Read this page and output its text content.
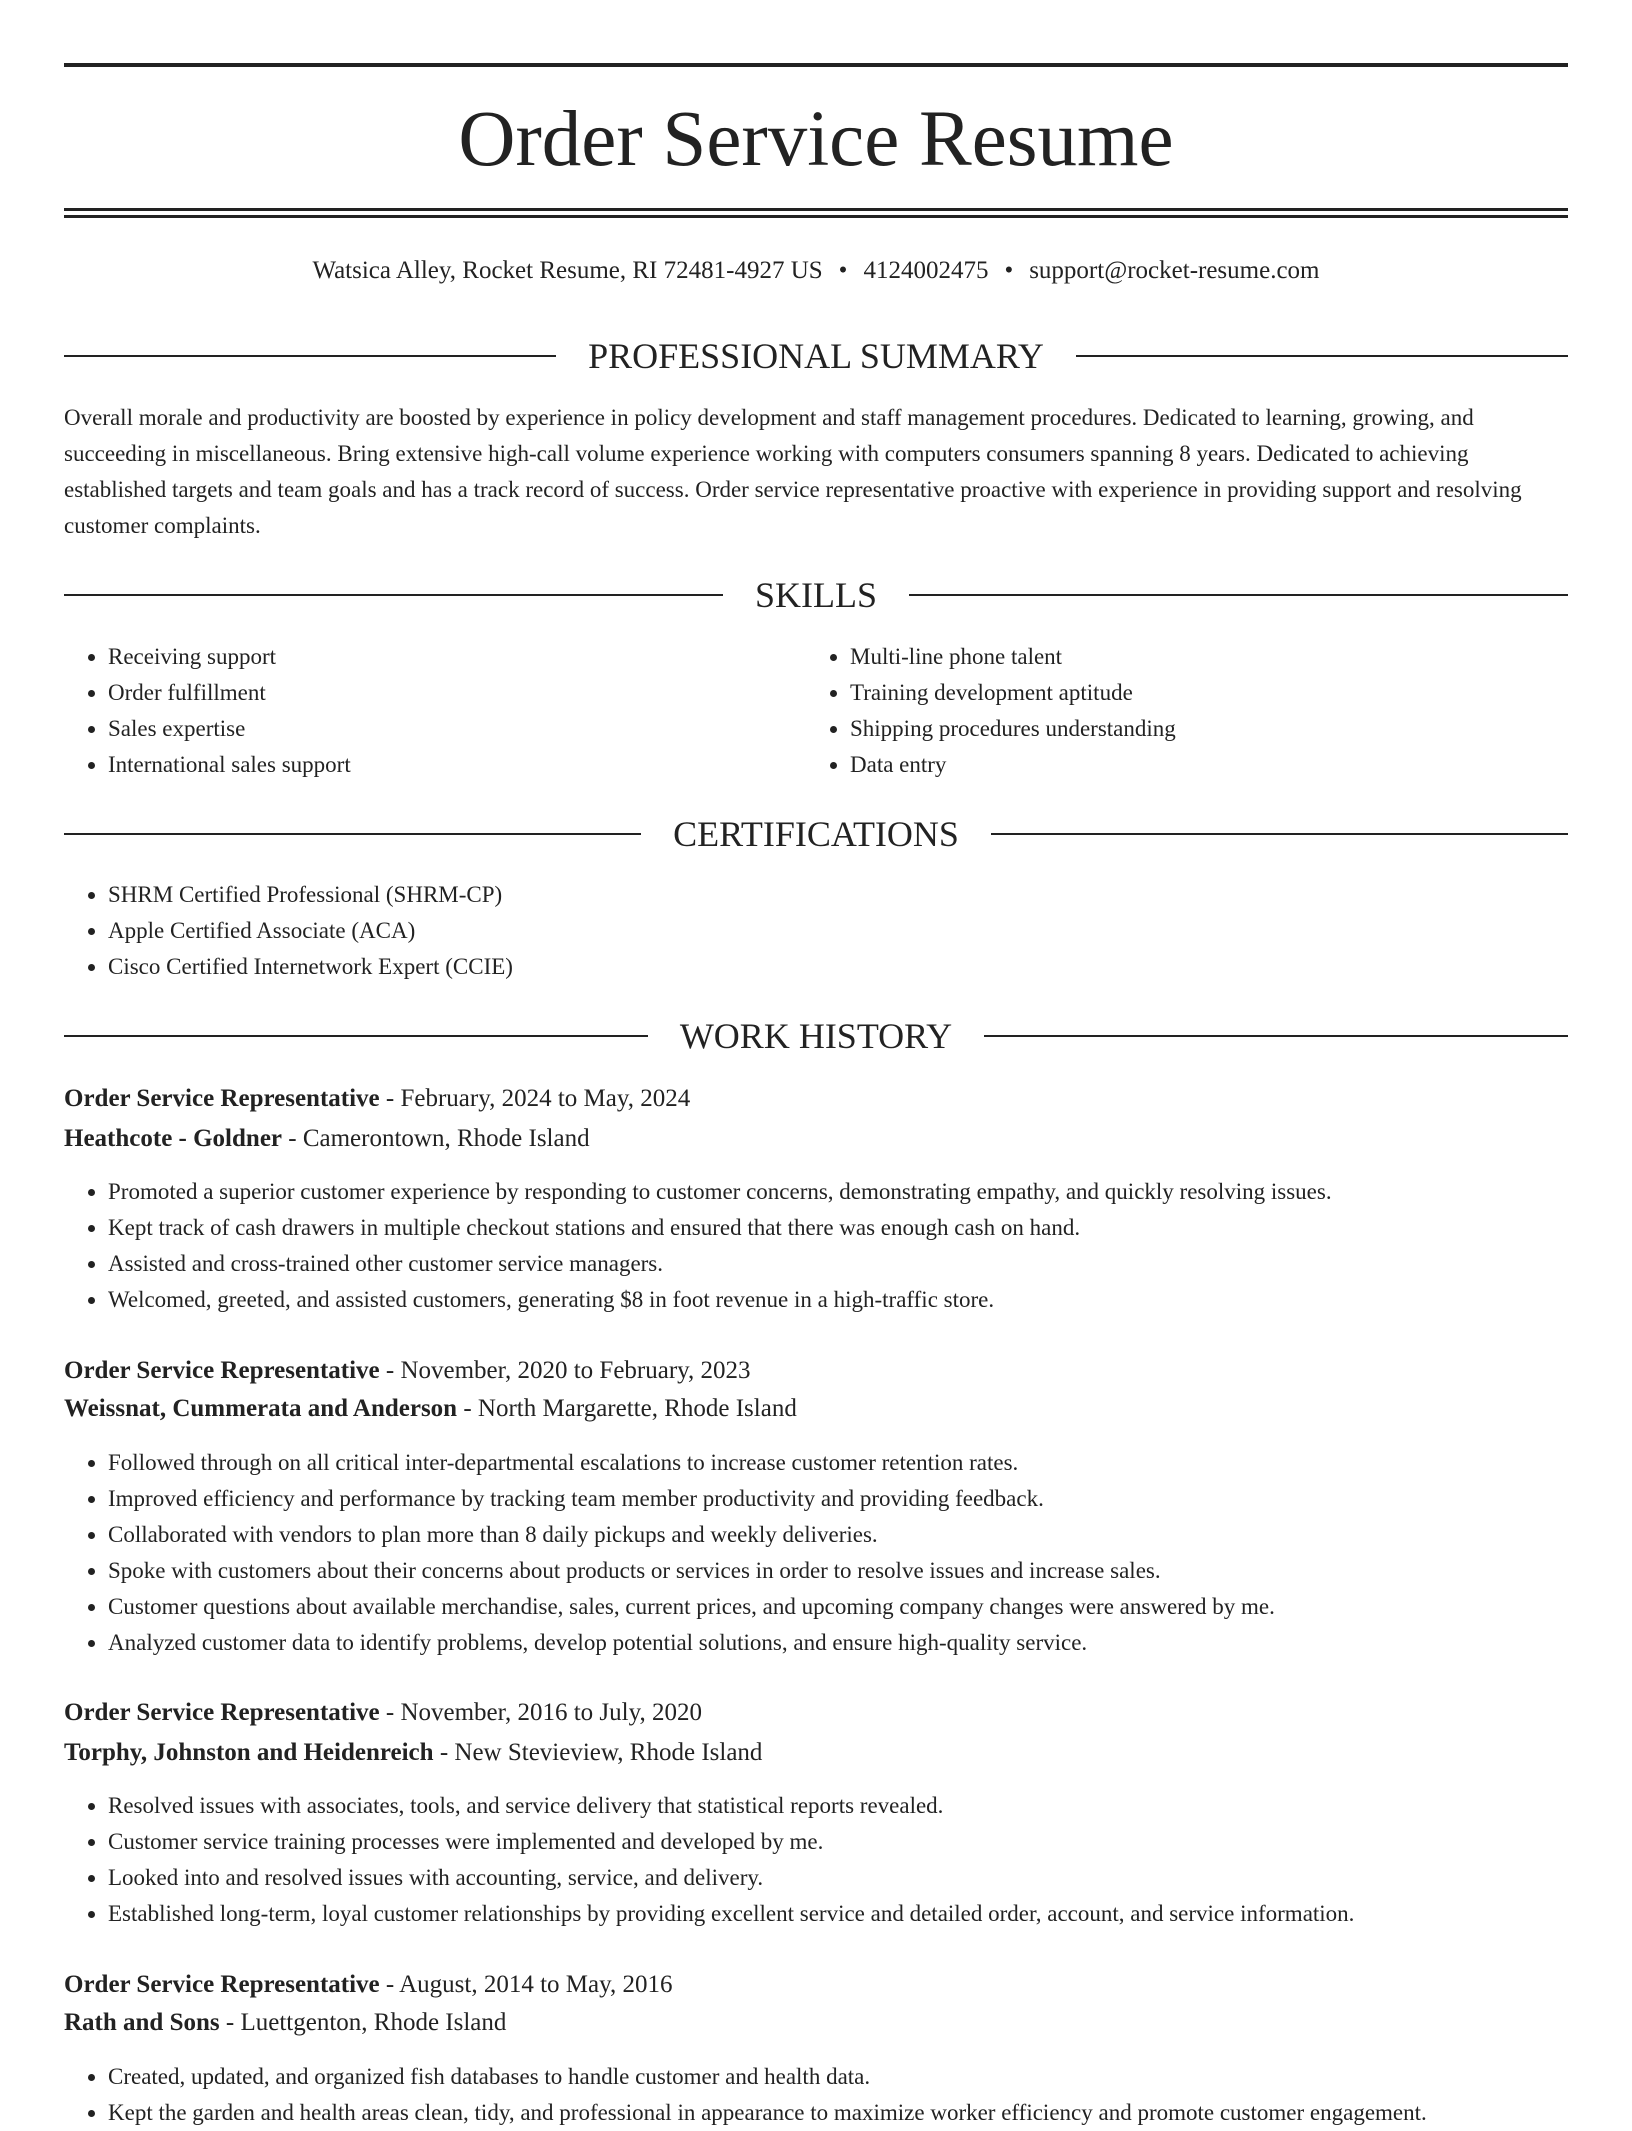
Order Service Resume
Watsica Alley, Rocket Resume, RI 72481-4927 US • 4124002475 • support@rocket-resume.com
PROFESSIONAL SUMMARY

Overall morale and productivity are boosted by experience in policy development and staff management procedures. Dedicated to learning, growing, and succeeding in miscellaneous. Bring extensive high-call volume experience working with computers consumers spanning 8 years. Dedicated to achieving established targets and team goals and has a track record of success. Order service representative proactive with experience in providing support and resolving customer complaints.

SKILLS
• Receiving support
• Order fulfillment
• Sales expertise
• International sales support
• Multi-line phone talent
• Training development aptitude
• Shipping procedures understanding
• Data entry
CERTIFICATIONS
• SHRM Certified Professional (SHRM-CP)
• Apple Certified Associate (ACA)
• Cisco Certified Internetwork Expert (CCIE)
WORK HISTORY
Order Service Representative - February, 2024 to May, 2024
Heathcote - Goldner - Camerontown, Rhode Island
• Promoted a superior customer experience by responding to customer concerns, demonstrating empathy, and quickly resolving issues.
• Kept track of cash drawers in multiple checkout stations and ensured that there was enough cash on hand.
• Assisted and cross-trained other customer service managers.
• Welcomed, greeted, and assisted customers, generating $8 in foot revenue in a high-traffic store.
Order Service Representative - November, 2020 to February, 2023
Weissnat, Cummerata and Anderson - North Margarette, Rhode Island
• Followed through on all critical inter-departmental escalations to increase customer retention rates.
• Improved efficiency and performance by tracking team member productivity and providing feedback.
• Collaborated with vendors to plan more than 8 daily pickups and weekly deliveries.
• Spoke with customers about their concerns about products or services in order to resolve issues and increase sales.
• Customer questions about available merchandise, sales, current prices, and upcoming company changes were answered by me.
• Analyzed customer data to identify problems, develop potential solutions, and ensure high-quality service.
Order Service Representative - November, 2016 to July, 2020
Torphy, Johnston and Heidenreich - New Stevieview, Rhode Island
• Resolved issues with associates, tools, and service delivery that statistical reports revealed.
• Customer service training processes were implemented and developed by me.
• Looked into and resolved issues with accounting, service, and delivery.
• Established long-term, loyal customer relationships by providing excellent service and detailed order, account, and service information.
Order Service Representative - August, 2014 to May, 2016
Rath and Sons - Luettgenton, Rhode Island
• Created, updated, and organized fish databases to handle customer and health data.
• Kept the garden and health areas clean, tidy, and professional in appearance to maximize worker efficiency and promote customer engagement.
